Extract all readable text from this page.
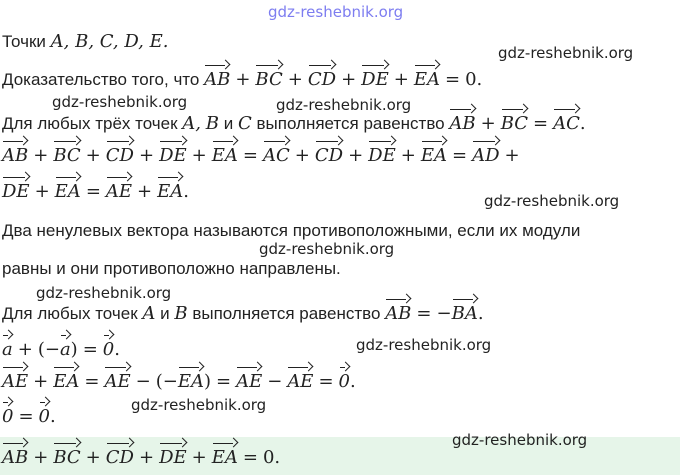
gdz-reshebnik.org
gdz-reshebnik.org
gdz-reshebnik.org	gdz-reshebnik.org
gdz-reshebnik.org
gdz-reshebnik.org
gdz-reshebnik.org
gdz-reshebnik.org
gdz-reshebnik.org
gdz-reshebnik.org
Точки A, B, C, D, E.
Доказательство того, что AB + BC + CD + DE + EA = 0.
Для любых трёх точек A, B и C выполняется равенство AB + BC = AC.
AB + BC + CD + DE + EA = AC + CD + DE + EA = AD +
DE + EA = AE + EA.
Два ненулевых вектора называются противоположными, если их модули
равны и они противоположно направлены.
Для любых точек A и B выполняется равенство AB = −BA.
a + (−a) = 0.
AE + EA = AE − (−EA) = AE − AE = 0.
0 = 0.
AB + BC + CD + DE + EA = 0.
